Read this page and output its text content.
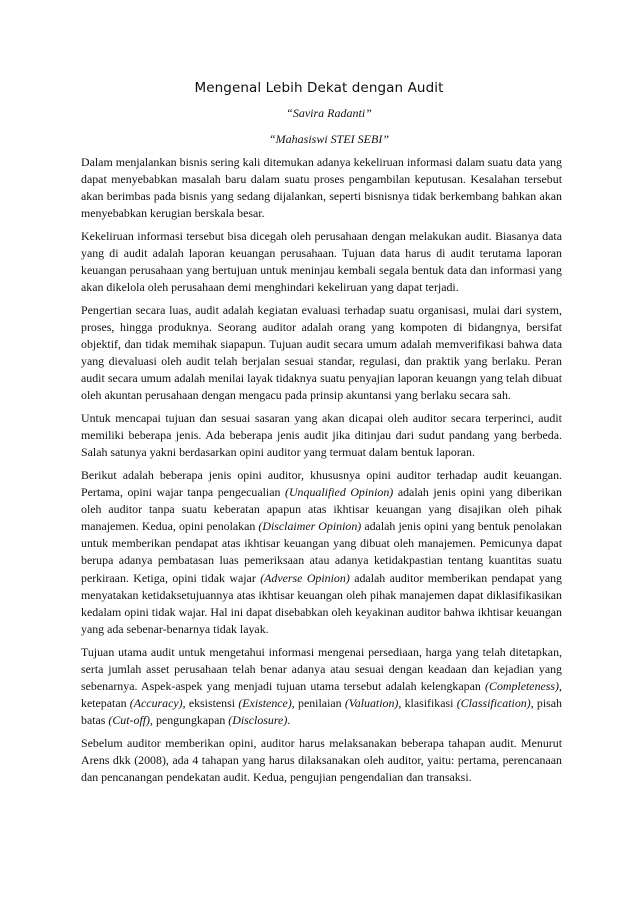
Mengenal Lebih Dekat dengan Audit
“Savira Radanti”
“Mahasiswi STEI SEBI”

Dalam menjalankan bisnis sering kali ditemukan adanya kekeliruan informasi dalam suatu data yang dapat menyebabkan masalah baru dalam suatu proses pengambilan keputusan. Kesalahan tersebut akan berimbas pada bisnis yang sedang dijalankan, seperti bisnisnya tidak berkembang bahkan akan menyebabkan kerugian berskala besar.

Kekeliruan informasi tersebut bisa dicegah oleh perusahaan dengan melakukan audit. Biasanya data yang di audit adalah laporan keuangan perusahaan. Tujuan data harus di audit terutama laporan keuangan perusahaan yang bertujuan untuk meninjau kembali segala bentuk data dan informasi yang akan dikelola oleh perusahaan demi menghindari kekeliruan yang dapat terjadi.

Pengertian secara luas, audit adalah kegiatan evaluasi terhadap suatu organisasi, mulai dari system, proses, hingga produknya. Seorang auditor adalah orang yang kompoten di bidangnya, bersifat objektif, dan tidak memihak siapapun. Tujuan audit secara umum adalah memverifikasi bahwa data yang dievaluasi oleh audit telah berjalan sesuai standar, regulasi, dan praktik yang berlaku. Peran audit secara umum adalah menilai layak tidaknya suatu penyajian laporan keuangn yang telah dibuat oleh akuntan perusahaan dengan mengacu pada prinsip akuntansi yang berlaku secara sah.

Untuk mencapai tujuan dan sesuai sasaran yang akan dicapai oleh auditor secara terperinci, audit memiliki beberapa jenis. Ada beberapa jenis audit jika ditinjau dari sudut pandang yang berbeda. Salah satunya yakni berdasarkan opini auditor yang termuat dalam bentuk laporan.

Berikut adalah beberapa jenis opini auditor, khususnya opini auditor terhadap audit keuangan. Pertama, opini wajar tanpa pengecualian (Unqualified Opinion) adalah jenis opini yang diberikan oleh auditor tanpa suatu keberatan apapun atas ikhtisar keuangan yang disajikan oleh pihak manajemen. Kedua, opini penolakan (Disclaimer Opinion) adalah jenis opini yang bentuk penolakan untuk memberikan pendapat atas ikhtisar keuangan yang dibuat oleh manajemen. Pemicunya dapat berupa adanya pembatasan luas pemeriksaan atau adanya ketidakpastian tentang kuantitas suatu perkiraan. Ketiga, opini tidak wajar (Adverse Opinion) adalah auditor memberikan pendapat yang menyatakan ketidaksetujuannya atas ikhtisar keuangan oleh pihak manajemen dapat diklasifikasikan kedalam opini tidak wajar. Hal ini dapat disebabkan oleh keyakinan auditor bahwa ikhtisar keuangan yang ada sebenar-benarnya tidak layak.

Tujuan utama audit untuk mengetahui informasi mengenai persediaan, harga yang telah ditetapkan, serta jumlah asset perusahaan telah benar adanya atau sesuai dengan keadaan dan kejadian yang sebenarnya. Aspek-aspek yang menjadi tujuan utama tersebut adalah kelengkapan (Completeness), ketepatan (Accuracy), eksistensi (Existence), penilaian (Valuation), klasifikasi (Classification), pisah batas (Cut-off), pengungkapan (Disclosure).

Sebelum auditor memberikan opini, auditor harus melaksanakan beberapa tahapan audit. Menurut Arens dkk (2008), ada 4 tahapan yang harus dilaksanakan oleh auditor, yaitu: pertama, perencanaan dan pencanangan pendekatan audit. Kedua, pengujian pengendalian dan transaksi.
